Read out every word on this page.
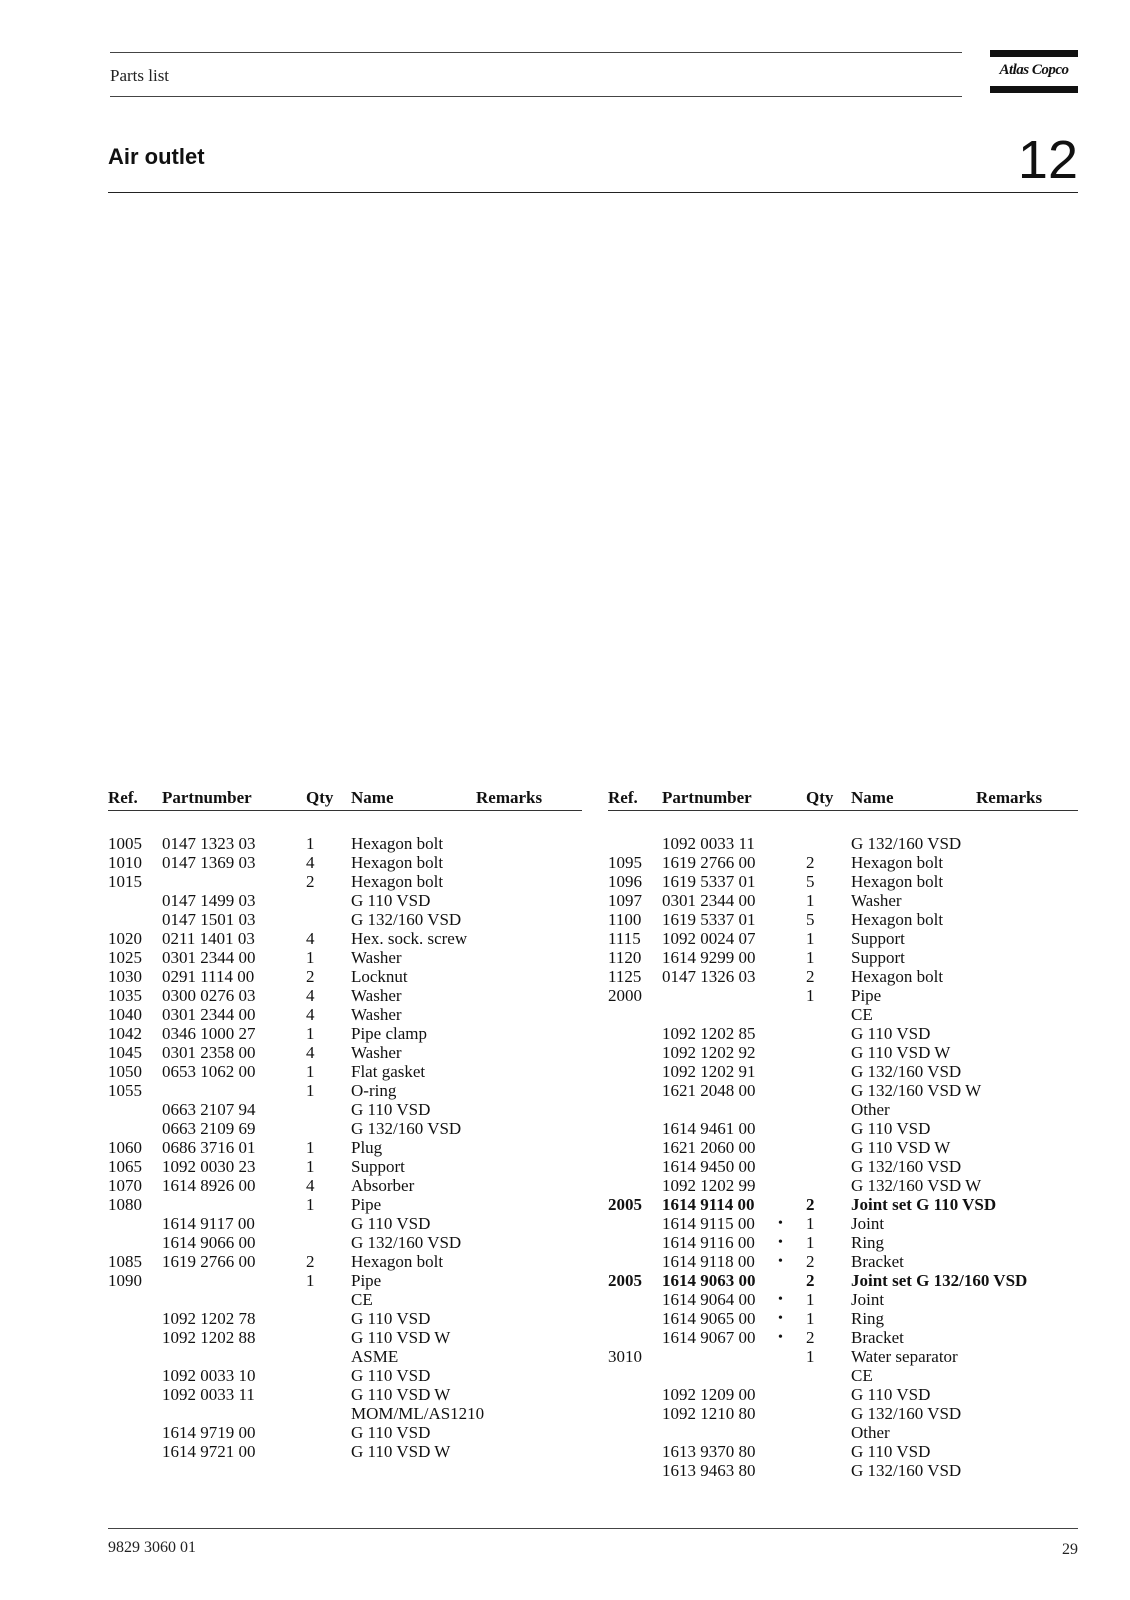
Parts list	Atlas Copco
Air outlet	12
Ref. Partnumber	Qty Name	Remarks
1005 0147 1323 03	1 Hexagon bolt
1010 0147 1369 03	4 Hexagon bolt
1015	2 Hexagon bolt
0147 1499 03	G 110 VSD
0147 1501 03	G 132/160 VSD
1020 0211 1401 03	4 Hex. sock. screw
1025 0301 2344 00	1 Washer
1030 0291 1114 00	2 Locknut
1035 0300 0276 03	4 Washer
1040 0301 2344 00	4 Washer
1042 0346 1000 27	1 Pipe clamp
1045 0301 2358 00	4 Washer
1050 0653 1062 00	1 Flat gasket
1055	1 O-ring
0663 2107 94	G 110 VSD
0663 2109 69	G 132/160 VSD
1060 0686 3716 01	1 Plug
1065 1092 0030 23	1 Support
1070 1614 8926 00	4 Absorber
1080	1 Pipe
1614 9117 00	G 110 VSD
1614 9066 00	G 132/160 VSD
1085 1619 2766 00	2 Hexagon bolt
1090	1 Pipe
CE
1092 1202 78	G 110 VSD
1092 1202 88	G 110 VSD W
ASME
1092 0033 10	G 110 VSD
1092 0033 11	G 110 VSD W
MOM/ML/AS1210
1614 9719 00	G 110 VSD
1614 9721 00	G 110 VSD W
Ref. Partnumber	Qty Name	Remarks
1092 0033 11	G 132/160 VSD
1095 1619 2766 00	2 Hexagon bolt
1096 1619 5337 01	5 Hexagon bolt
1097 0301 2344 00	1 Washer
1100 1619 5337 01	5 Hexagon bolt
1115 1092 0024 07	1 Support
1120 1614 9299 00	1 Support
1125 0147 1326 03	2 Hexagon bolt
2000	1 Pipe
CE
1092 1202 85	G 110 VSD
1092 1202 92	G 110 VSD W
1092 1202 91	G 132/160 VSD
1621 2048 00	G 132/160 VSD W
Other
1614 9461 00	G 110 VSD
1621 2060 00	G 110 VSD W
1614 9450 00	G 132/160 VSD
1092 1202 99	G 132/160 VSD W
2005 1614 9114 00	2 Joint set G 110 VSD
1614 9115 00 • 1 Joint
1614 9116 00 • 1 Ring
1614 9118 00 • 2 Bracket
2005 1614 9063 00	2 Joint set G 132/160 VSD
1614 9064 00 • 1 Joint
1614 9065 00 • 1 Ring
1614 9067 00 • 2 Bracket
3010	1 Water separator
CE
1092 1209 00	G 110 VSD
1092 1210 80	G 132/160 VSD
Other
1613 9370 80	G 110 VSD
1613 9463 80	G 132/160 VSD
9829 3060 01	29
